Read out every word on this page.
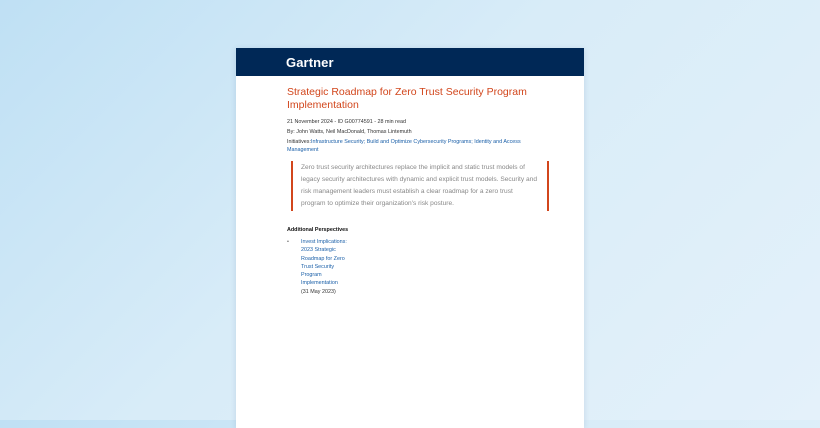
Gartner
Strategic Roadmap for Zero Trust Security Program Implementation
21 November 2024 - ID G00774591 - 28 min read
By: John Watts, Neil MacDonald, Thomas Lintemuth
Initiatives:Infrastructure Security; Build and Optimize Cybersecurity Programs; Identity and Access Management
Zero trust security architectures replace the implicit and static trust models of legacy security architectures with dynamic and explicit trust models. Security and risk management leaders must establish a clear roadmap for a zero trust program to optimize their organization's risk posture.
Additional Perspectives
•	Invest Implications: 2023 Strategic Roadmap for Zero Trust Security Program Implementation
(31 May 2023)
